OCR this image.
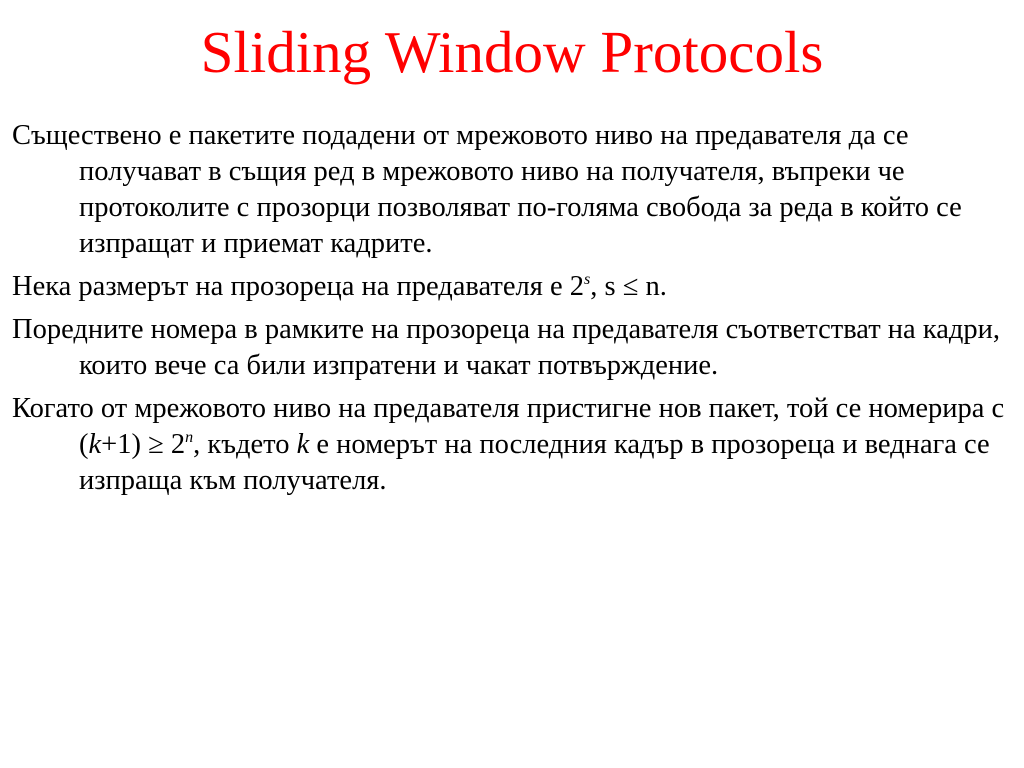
Sliding Window Protocols
Съществено е пакетите подадени от мрежовото ниво на предавателя да се получават в същия ред в мрежовото ниво на получателя, въпреки че протоколите с прозорци позволяват по-голяма свобода за реда в който се изпращат и приемат кадрите.
Нека размерът на прозореца на предавателя е 2$^s$, s ≤ n.
Поредните номера в рамките на прозореца на предавателя съответстват на кадри, които вече са били изпратени и чакат потвърждение.
Когато от мрежовото ниво на предавателя пристигне нов пакет, той се номерира с $(k+1) \ge 2^n$, където k е номерът на последния кадър в прозореца и веднага се изпраща към получателя.
